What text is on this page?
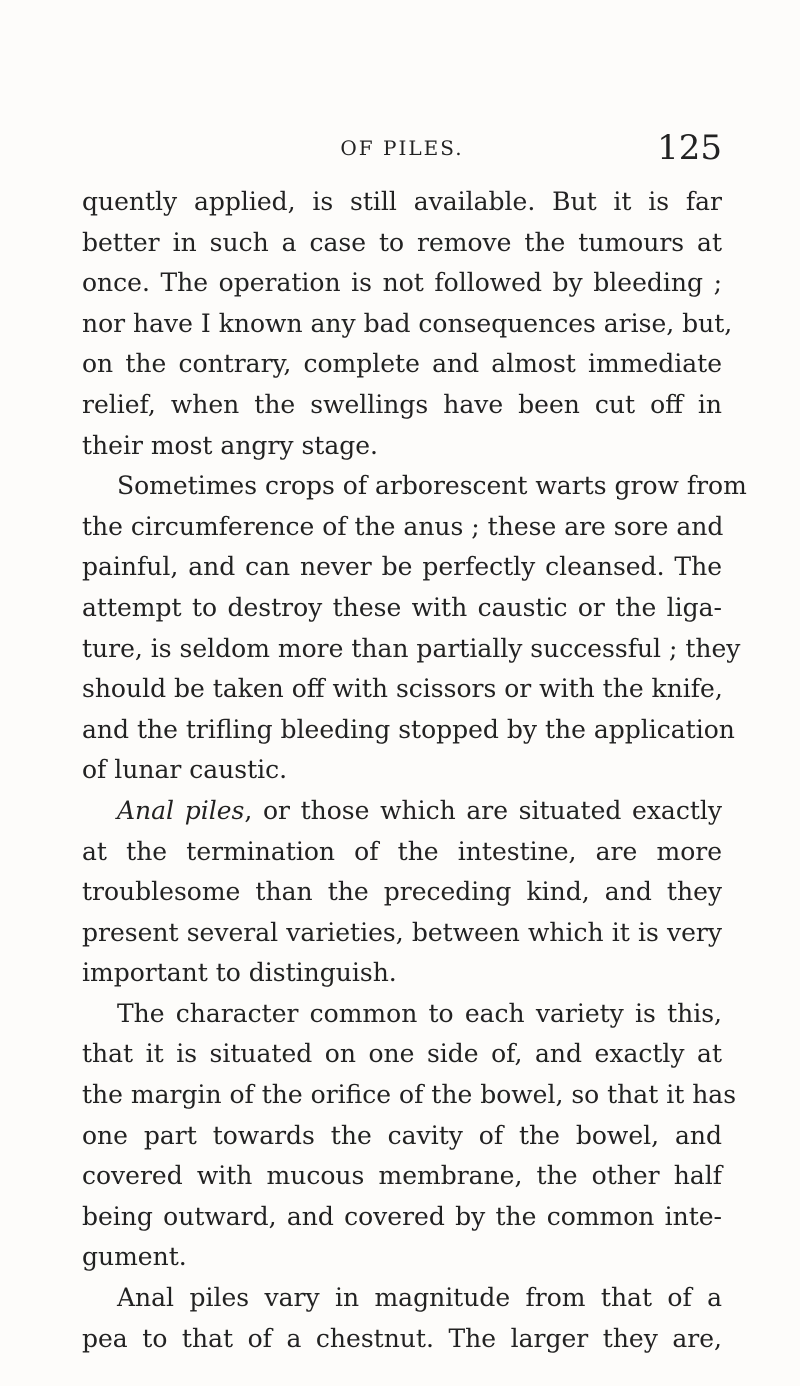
OF PILES.	125
quently applied, is still available. But it is far
better in such a case to remove the tumours at
once. The operation is not followed by bleeding ;
nor have I known any bad consequences arise, but,
on the contrary, complete and almost immediate
relief, when the swellings have been cut off in
their most angry stage.
Sometimes crops of arborescent warts grow from
the circumference of the anus ; these are sore and
painful, and can never be perfectly cleansed. The
attempt to destroy these with caustic or the liga-
ture, is seldom more than partially successful ; they
should be taken off with scissors or with the knife,
and the trifling bleeding stopped by the application
of lunar caustic.
Anal piles, or those which are situated exactly
at the termination of the intestine, are more
troublesome than the preceding kind, and they
present several varieties, between which it is very
important to distinguish.
The character common to each variety is this,
that it is situated on one side of, and exactly at
the margin of the orifice of the bowel, so that it has
one part towards the cavity of the bowel, and
covered with mucous membrane, the other half
being outward, and covered by the common inte-
gument.
Anal piles vary in magnitude from that of a
pea to that of a chestnut. The larger they are,
